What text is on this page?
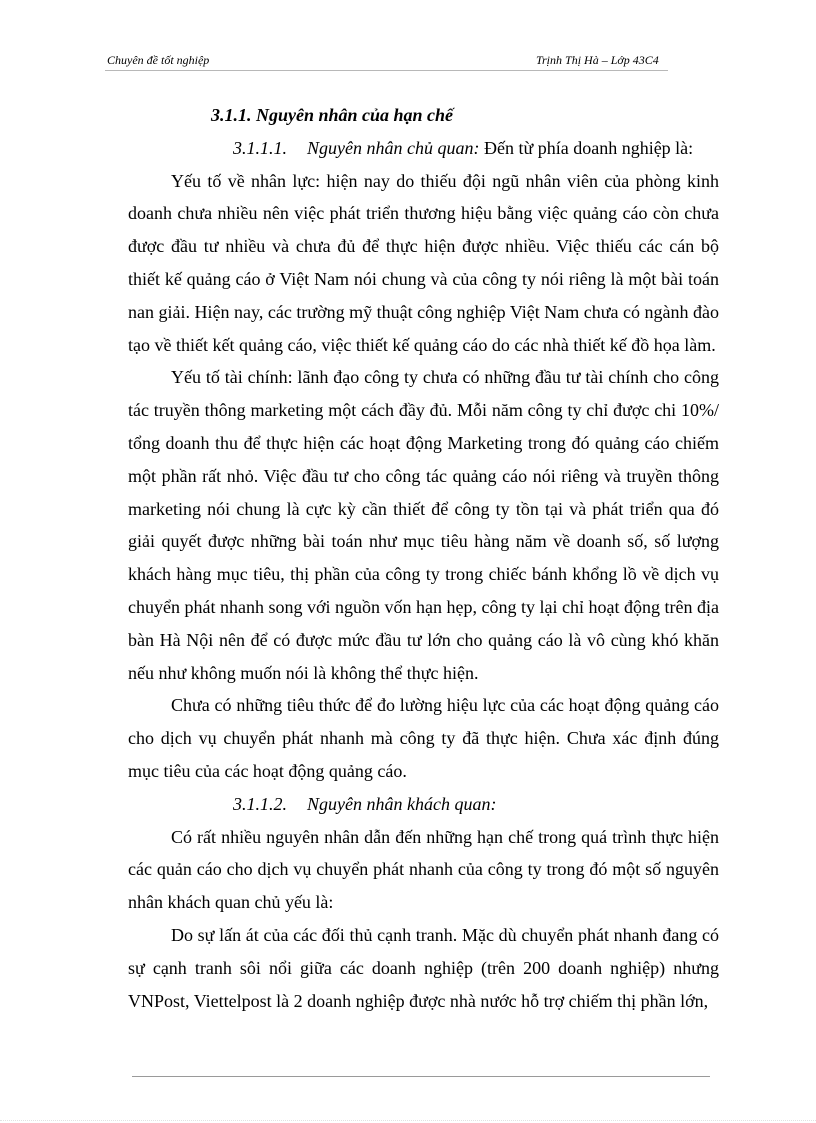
Chuyên đề tốt nghiệp	Trịnh Thị Hà – Lớp 43C4

3.1.1. Nguyên nhân của hạn chế

3.1.1.1. Nguyên nhân chủ quan: Đến từ phía doanh nghiệp là:

Yếu tố về nhân lực: hiện nay do thiếu đội ngũ nhân viên của phòng kinh doanh chưa nhiều nên việc phát triển thương hiệu bằng việc quảng cáo còn chưa được đầu tư nhiều và chưa đủ để thực hiện được nhiều. Việc thiếu các cán bộ thiết kế quảng cáo ở Việt Nam nói chung và của công ty nói riêng là một bài toán nan giải. Hiện nay, các trường mỹ thuật công nghiệp Việt Nam chưa có ngành đào tạo về thiết kết quảng cáo, việc thiết kế quảng cáo do các nhà thiết kế đồ họa làm.

Yếu tố tài chính: lãnh đạo công ty chưa có những đầu tư tài chính cho công tác truyền thông marketing một cách đầy đủ. Mỗi năm công ty chỉ được chi 10%/ tổng doanh thu để thực hiện các hoạt động Marketing trong đó quảng cáo chiếm một phần rất nhỏ. Việc đầu tư cho công tác quảng cáo nói riêng và truyền thông marketing nói chung là cực kỳ cần thiết để công ty tồn tại và phát triển qua đó giải quyết được những bài toán như mục tiêu hàng năm về doanh số, số lượng khách hàng mục tiêu, thị phần của công ty trong chiếc bánh khổng lồ về dịch vụ chuyển phát nhanh song với nguồn vốn hạn hẹp, công ty lại chỉ hoạt động trên địa bàn Hà Nội nên để có được mức đầu tư lớn cho quảng cáo là vô cùng khó khăn nếu như không muốn nói là không thể thực hiện.

Chưa có những tiêu thức để đo lường hiệu lực của các hoạt động quảng cáo cho dịch vụ chuyển phát nhanh mà công ty đã thực hiện. Chưa xác định đúng mục tiêu của các hoạt động quảng cáo.

3.1.1.2. Nguyên nhân khách quan:

Có rất nhiều nguyên nhân dẫn đến những hạn chế trong quá trình thực hiện các quản cáo cho dịch vụ chuyển phát nhanh của công ty trong đó một số nguyên nhân khách quan chủ yếu là:

Do sự lấn át của các đối thủ cạnh tranh. Mặc dù chuyển phát nhanh đang có sự cạnh tranh sôi nổi giữa các doanh nghiệp (trên 200 doanh nghiệp) nhưng VNPost, Viettelpost là 2 doanh nghiệp được nhà nước hỗ trợ chiếm thị phần lớn,
